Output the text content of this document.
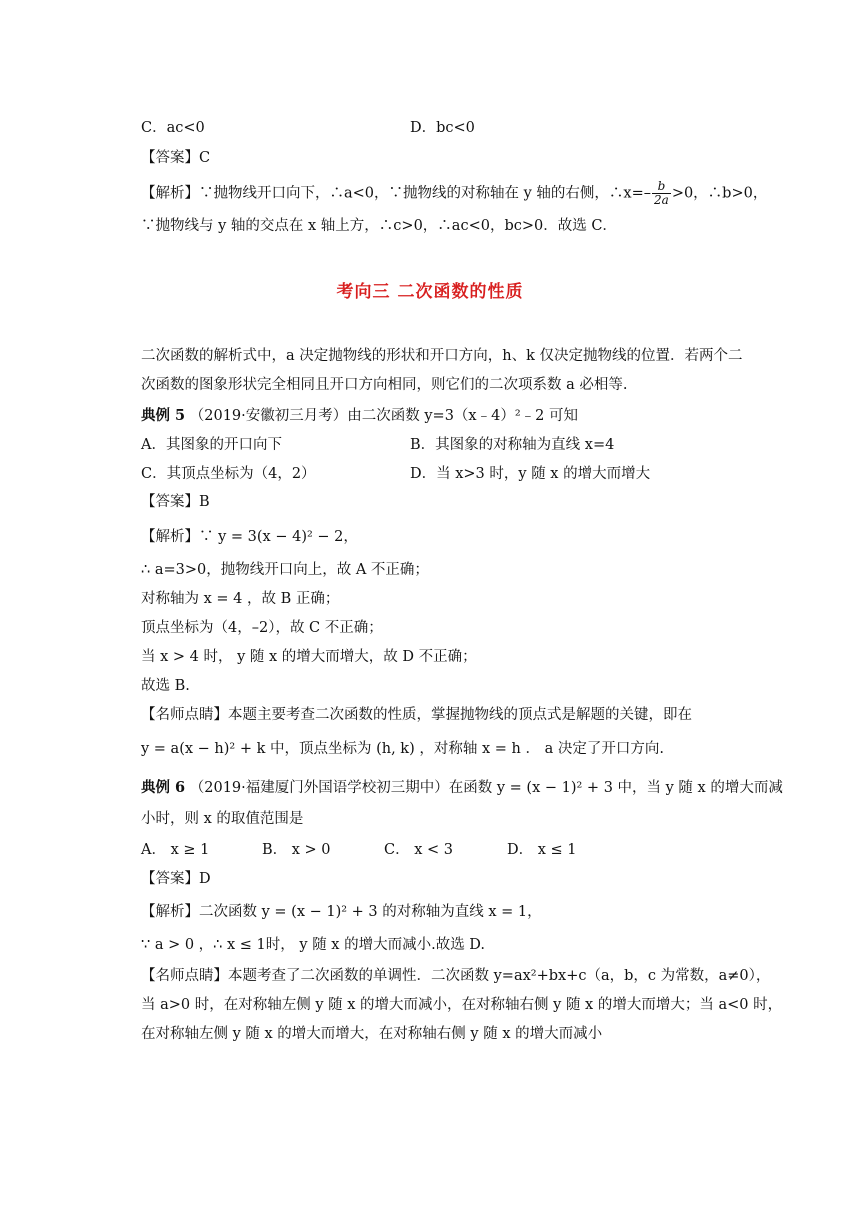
C．ac<0	D．bc<0
【答案】C
【解析】∵抛物线开口向下，∴a<0，∵抛物线的对称轴在 y 轴的右侧，∴x=– $\frac{b}{2a} >0$，∴b>0，
∵抛物线与 y 轴的交点在 x 轴上方，∴c>0，∴ac<0，bc>0．故选 C．
考向三 二次函数的性质
二次函数的解析式中，a 决定抛物线的形状和开口方向，h、k 仅决定抛物线的位置．若两个二
次函数的图象形状完全相同且开口方向相同，则它们的二次项系数 a 必相等.
典例 5 （2019·安徽初三月考）由二次函数 y=3（x﹣4）²﹣2 可知
A．其图象的开口向下	B．其图象的对称轴为直线 x=4
C．其顶点坐标为（4，2）	D．当 x>3 时，y 随 x 的增大而增大
【答案】B
【解析】∵ y = 3(x − 4)² − 2，
∴ a=3>0，抛物线开口向上，故 A 不正确；
对称轴为 x = 4 ，故 B 正确；
顶点坐标为（4，–2），故 C 不正确；
当 x > 4 时， y 随 x 的增大而增大，故 D 不正确；
故选 B.
【名师点睛】本题主要考查二次函数的性质，掌握抛物线的顶点式是解题的关键，即在
y = a(x − h)² + k 中，顶点坐标为 (h, k) ，对称轴 x = h ． a 决定了开口方向.
典例 6 （2019·福建厦门外国语学校初三期中）在函数 y = (x − 1)² + 3 中，当 y 随 x 的增大而减
小时，则 x 的取值范围是
A． x ≥ 1	B． x > 0	C． x < 3	D． x ≤ 1
【答案】D
【解析】二次函数 y = (x − 1)² + 3 的对称轴为直线 x = 1，
∵ a > 0 ，∴ x ≤ 1时， y 随 x 的增大而减小.故选 D.
【名师点睛】本题考查了二次函数的单调性．二次函数 y=ax²+bx+c（a，b，c 为常数，a≠0），
当 a>0 时，在对称轴左侧 y 随 x 的增大而减小，在对称轴右侧 y 随 x 的增大而增大；当 a<0 时，
在对称轴左侧 y 随 x 的增大而增大，在对称轴右侧 y 随 x 的增大而减小
